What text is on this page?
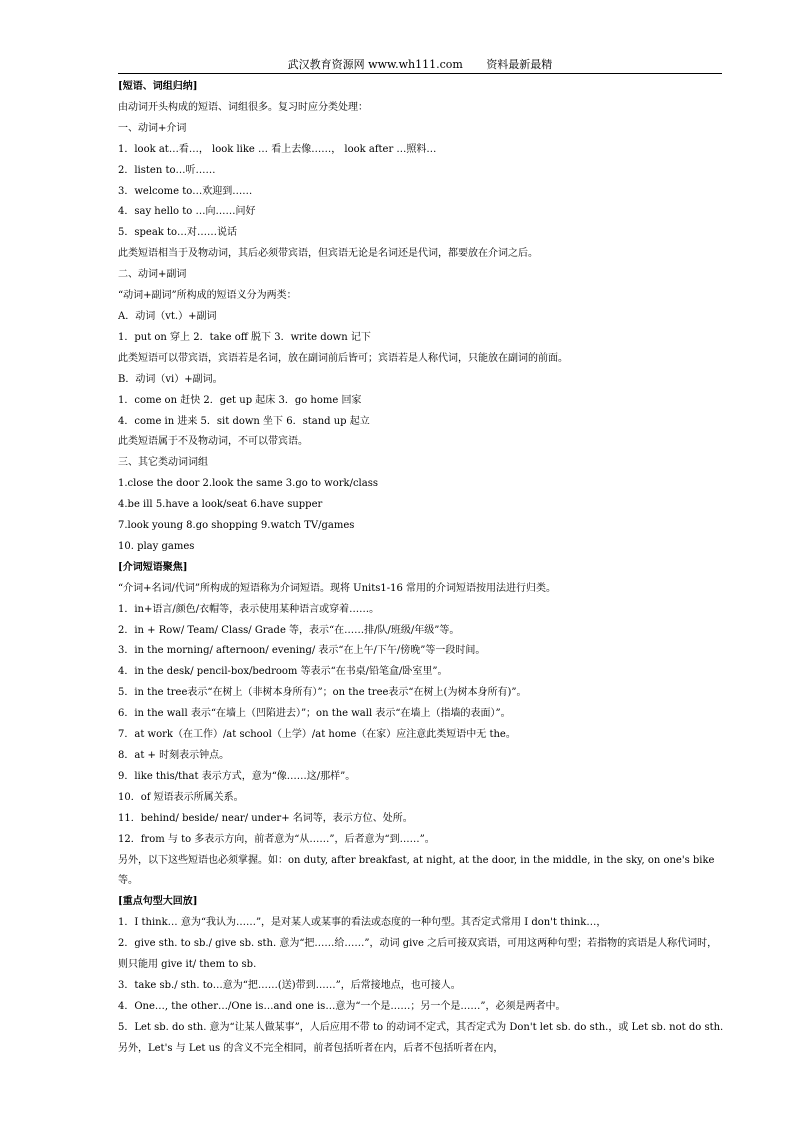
武汉教育资源网 www.wh111.com 资料最新最精
[短语、词组归纳]
由动词开头构成的短语、词组很多。复习时应分类处理：
一、动词+介词
1．look at…看…， look like … 看上去像……， look after …照料…
2．listen to…听……
3．welcome to…欢迎到……
4．say hello to …向……问好
5．speak to…对……说话
此类短语相当于及物动词，其后必须带宾语，但宾语无论是名词还是代词，都要放在介词之后。
二、动词+副词
“动词+副词”所构成的短语义分为两类：
A．动词（vt.）+副词
1．put on 穿上 2．take off 脱下 3．write down 记下
此类短语可以带宾语，宾语若是名词，放在副词前后皆可；宾语若是人称代词，只能放在副词的前面。
B．动词（vi）+副词。
1．come on 赶快 2．get up 起床 3．go home 回家
4．come in 进来 5．sit down 坐下 6．stand up 起立
此类短语属于不及物动词，不可以带宾语。
三、其它类动词词组
1.close the door 2.look the same 3.go to work/class
4.be ill 5.have a look/seat 6.have supper
7.look young 8.go shopping 9.watch TV/games
10. play games
[介词短语聚焦]
“介词+名词/代词”所构成的短语称为介词短语。现将 Units1-16 常用的介词短语按用法进行归类。
1．in+语言/颜色/衣帽等，表示使用某种语言或穿着……。
2．in + Row/ Team/ Class/ Grade 等，表示“在……排/队/班级/年级”等。
3．in the morning/ afternoon/ evening/ 表示“在上午/下午/傍晚”等一段时间。
4．in the desk/ pencil-box/bedroom 等表示“在书桌/铅笔盒/卧室里”。
5．in the tree表示“在树上（非树本身所有）”；on the tree表示“在树上(为树本身所有)”。
6．in the wall 表示“在墙上（凹陷进去）”；on the wall 表示“在墙上（指墙的表面）”。
7．at work（在工作）/at school（上学）/at home（在家）应注意此类短语中无 the。
8．at + 时刻表示钟点。
9．like this/that 表示方式，意为“像……这/那样”。
10．of 短语表示所属关系。
11．behind/ beside/ near/ under+ 名词等，表示方位、处所。
12．from 与 to 多表示方向，前者意为“从……”，后者意为“到……”。
另外，以下这些短语也必须掌握。如：on duty, after breakfast, at night, at the door, in the middle, in the sky, on one's bike 等。
[重点句型大回放]
1．I think… 意为“我认为……”，是对某人或某事的看法或态度的一种句型。其否定式常用 I don't think…，
2．give sth. to sb./ give sb. sth. 意为“把……给……”，动词 give 之后可接双宾语，可用这两种句型；若指物的宾语是人称代词时，则只能用 give it/ them to sb.
3．take sb./ sth. to…意为“把……(送)带到……”，后常接地点，也可接人。
4．One…, the other…/One is…and one is…意为“一个是……；另一个是……”，必须是两者中。
5．Let sb. do sth. 意为“让某人做某事”，人后应用不带 to 的动词不定式，其否定式为 Don't let sb. do sth.，或 Let sb. not do sth. 另外，Let's 与 Let us 的含义不完全相同，前者包括听者在内，后者不包括听者在内，
